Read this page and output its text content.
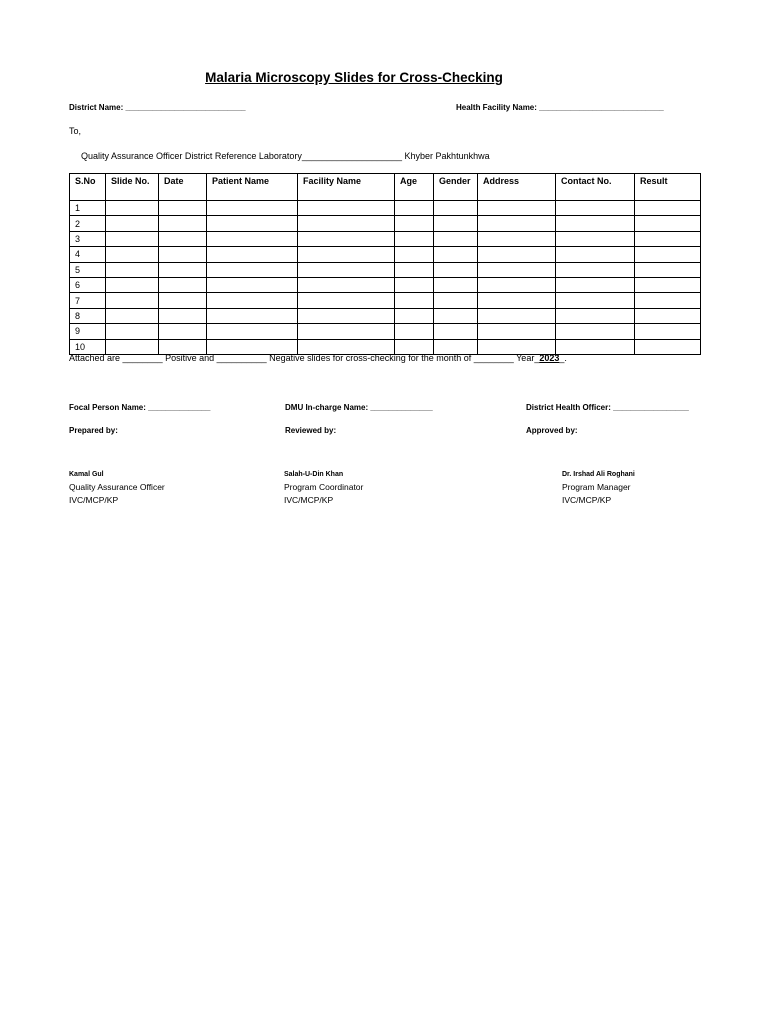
Malaria Microscopy Slides for Cross-Checking
District Name: ___________________________	Health Facility Name: ____________________________
To,
Quality Assurance Officer District Reference Laboratory____________________ Khyber Pakhtunkhwa
S.No	Slide No.	Date	Patient Name	Facility Name	Age	Gender	Address	Contact No.	Result
1									
2									
3									
4									
5									
6									
7									
8									
9									
10									
Attached are ________ Positive and __________ Negative slides for cross-checking for the month of ________ Year_2023_.
Focal Person Name: ______________	DMU In-charge Name: ______________	District Health Officer: _________________
Prepared by:	Reviewed by:	Approved by:
Kamal Gul
Quality Assurance Officer
IVC/MCP/KP
Salah-U-Din Khan
Program Coordinator
IVC/MCP/KP
Dr. Irshad Ali Roghani
Program Manager
IVC/MCP/KP
